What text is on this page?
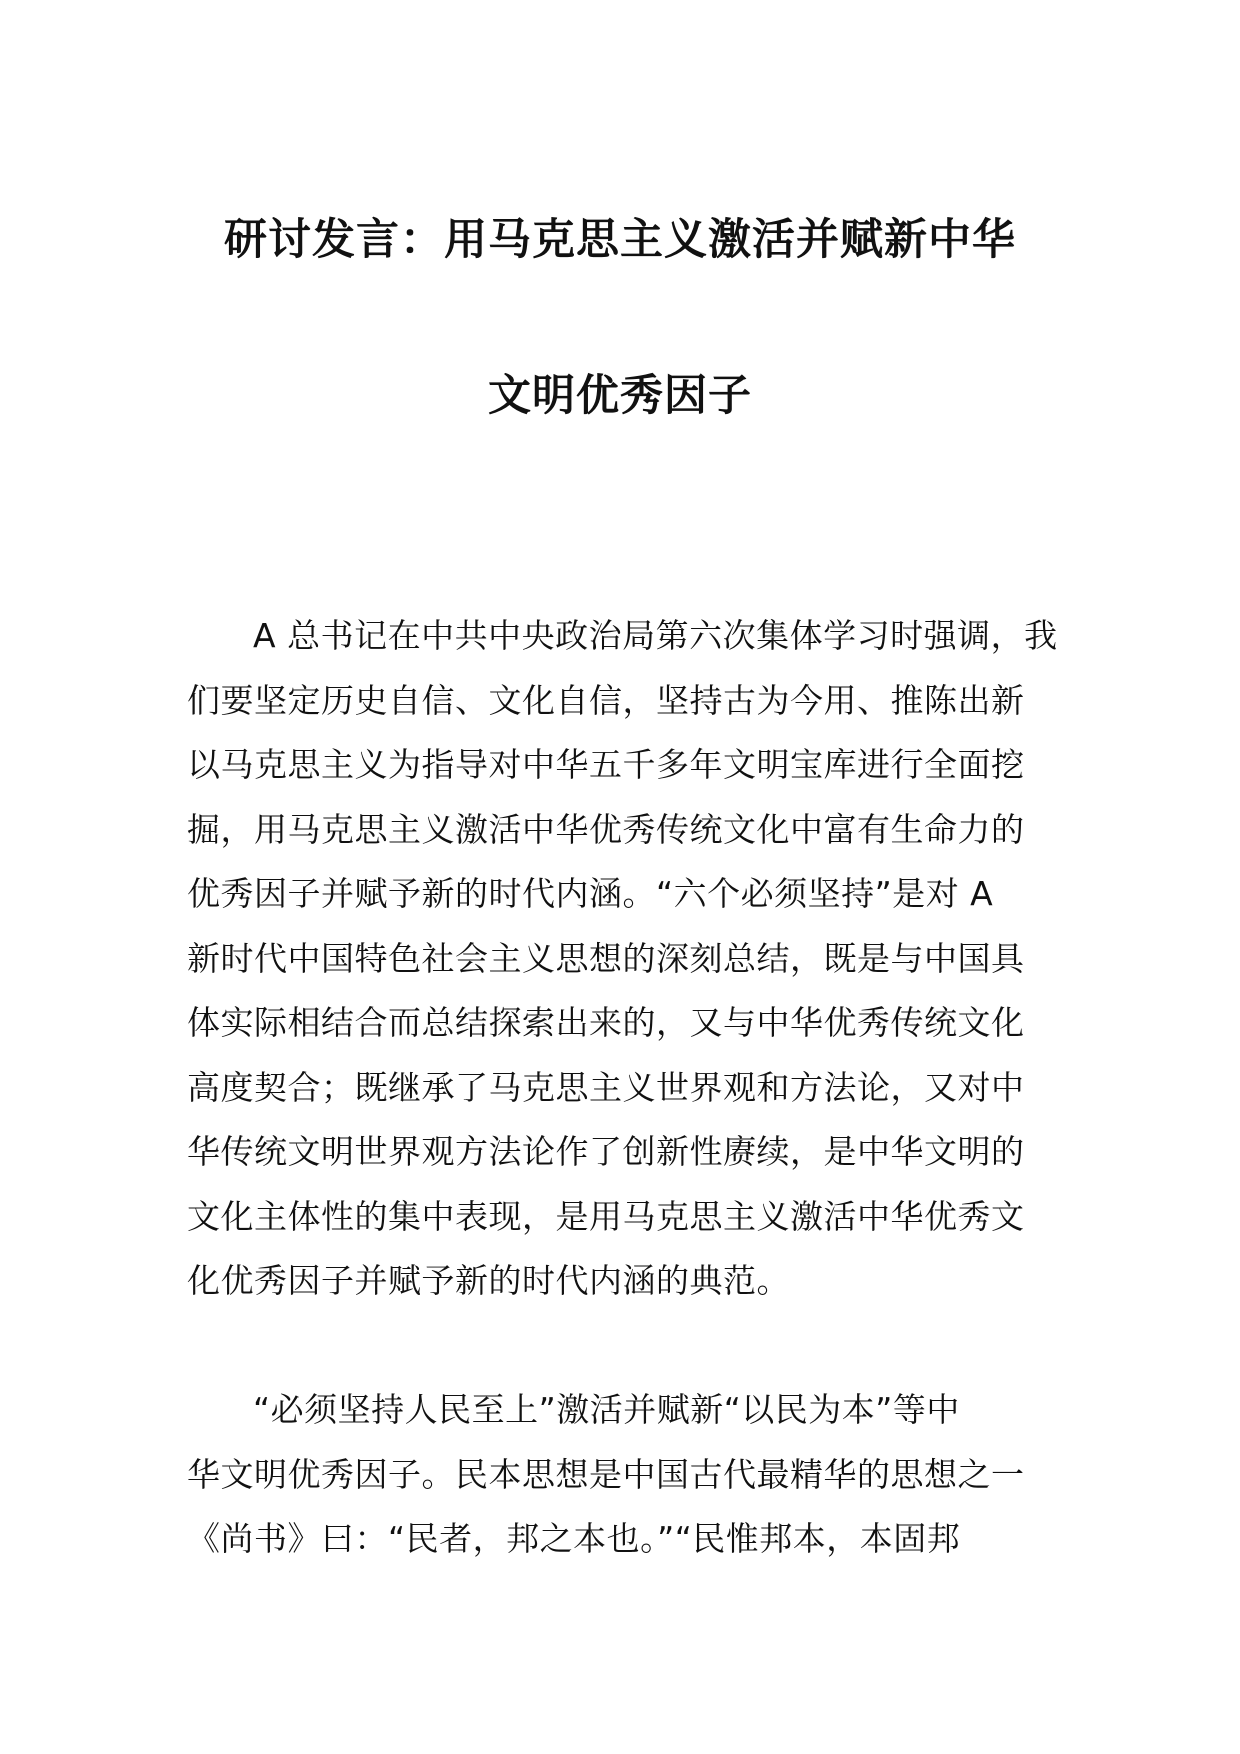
研讨发言：用马克思主义激活并赋新中华
文明优秀因子
A 总书记在中共中央政治局第六次集体学习时强调，我
们要坚定历史自信、文化自信，坚持古为今用、推陈出新
以马克思主义为指导对中华五千多年文明宝库进行全面挖
掘，用马克思主义激活中华优秀传统文化中富有生命力的
优秀因子并赋予新的时代内涵。“六个必须坚持”是对 A
新时代中国特色社会主义思想的深刻总结，既是与中国具
体实际相结合而总结探索出来的，又与中华优秀传统文化
高度契合；既继承了马克思主义世界观和方法论，又对中
华传统文明世界观方法论作了创新性赓续，是中华文明的
文化主体性的集中表现，是用马克思主义激活中华优秀文
化优秀因子并赋予新的时代内涵的典范。
“必须坚持人民至上”激活并赋新“以民为本”等中
华文明优秀因子。民本思想是中国古代最精华的思想之一
《尚书》曰：“民者，邦之本也。”“民惟邦本，本固邦
